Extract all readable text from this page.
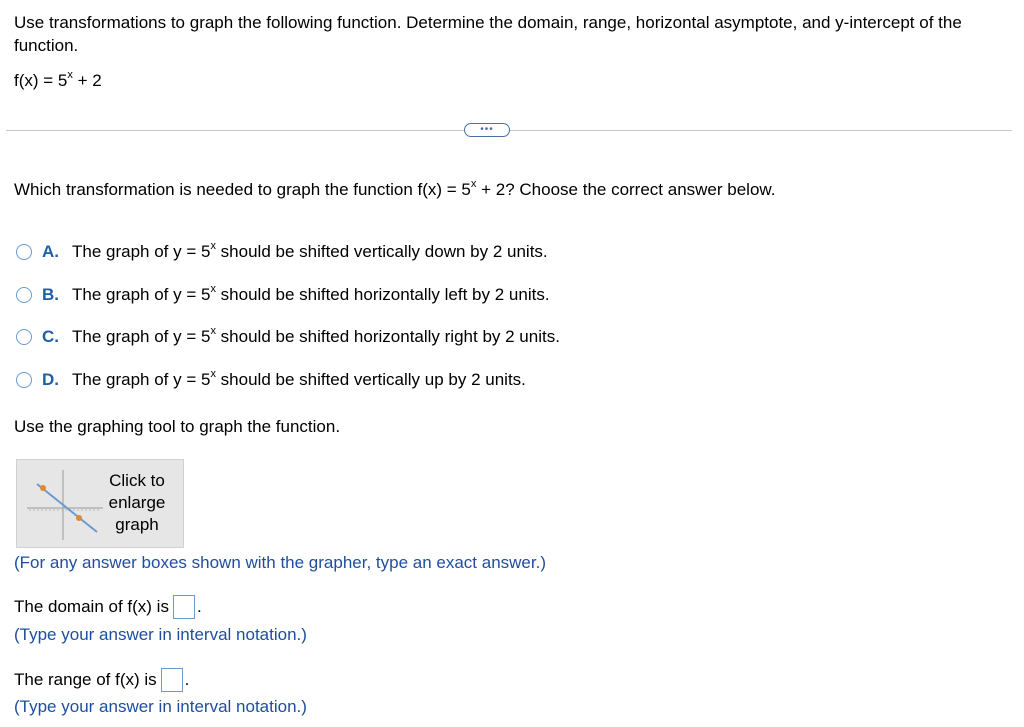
Use transformations to graph the following function. Determine the domain, range, horizontal asymptote, and y-intercept of the function.
$f(x) = 5^x + 2$
•••
Which transformation is needed to graph the function $f(x) = 5^x + 2$? Choose the correct answer below.
A. The graph of $y = 5^x$ should be shifted vertically down by 2 units.
B. The graph of $y = 5^x$ should be shifted horizontally left by 2 units.
C. The graph of $y = 5^x$ should be shifted horizontally right by 2 units.
D. The graph of $y = 5^x$ should be shifted vertically up by 2 units.
Use the graphing tool to graph the function.
Click to
enlarge
graph
(For any answer boxes shown with the grapher, type an exact answer.)
The domain of f(x) is .
(Type your answer in interval notation.)
The range of f(x) is .
(Type your answer in interval notation.)
